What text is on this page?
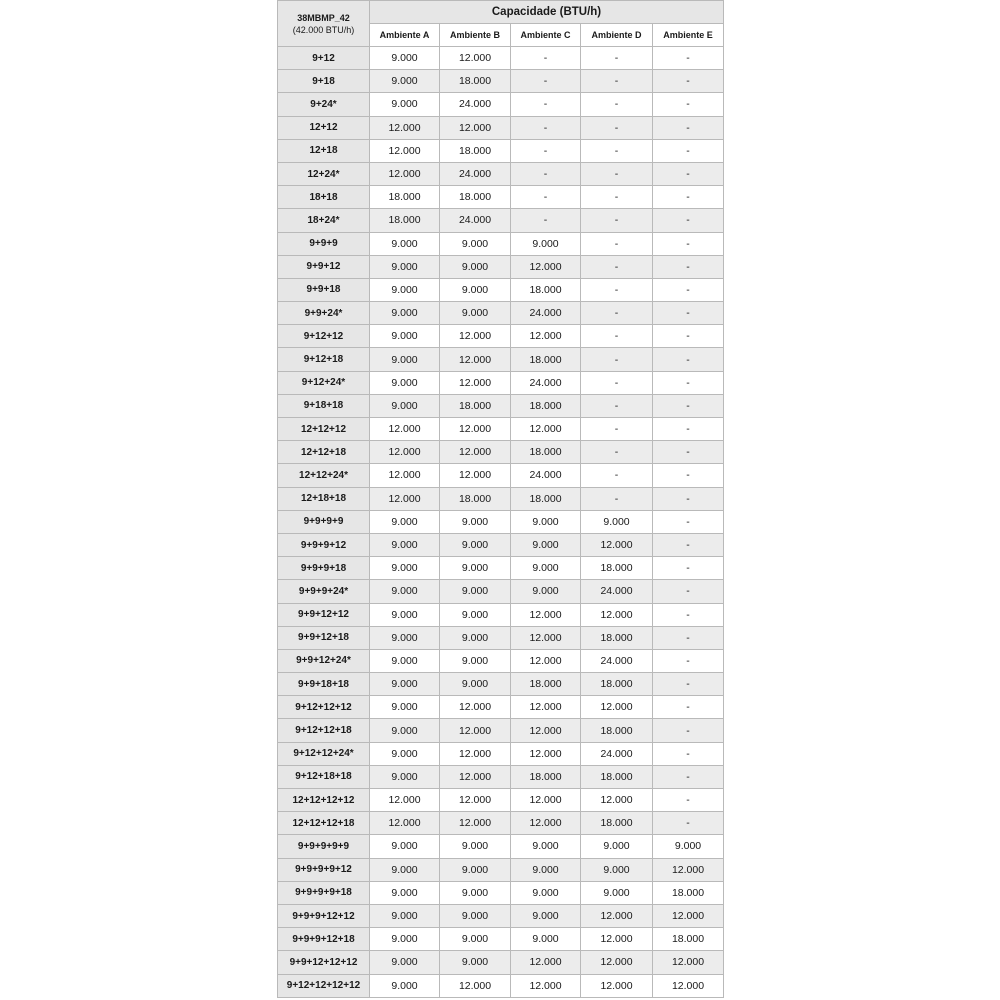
38MBMP_42
(42.000 BTU/h)	Capacidade (BTU/h)				
	Ambiente A	Ambiente B	Ambiente C	Ambiente D	Ambiente E
9+12	9.000	12.000	-	-	-
9+18	9.000	18.000	-	-	-
9+24*	9.000	24.000	-	-	-
12+12	12.000	12.000	-	-	-
12+18	12.000	18.000	-	-	-
12+24*	12.000	24.000	-	-	-
18+18	18.000	18.000	-	-	-
18+24*	18.000	24.000	-	-	-
9+9+9	9.000	9.000	9.000	-	-
9+9+12	9.000	9.000	12.000	-	-
9+9+18	9.000	9.000	18.000	-	-
9+9+24*	9.000	9.000	24.000	-	-
9+12+12	9.000	12.000	12.000	-	-
9+12+18	9.000	12.000	18.000	-	-
9+12+24*	9.000	12.000	24.000	-	-
9+18+18	9.000	18.000	18.000	-	-
12+12+12	12.000	12.000	12.000	-	-
12+12+18	12.000	12.000	18.000	-	-
12+12+24*	12.000	12.000	24.000	-	-
12+18+18	12.000	18.000	18.000	-	-
9+9+9+9	9.000	9.000	9.000	9.000	-
9+9+9+12	9.000	9.000	9.000	12.000	-
9+9+9+18	9.000	9.000	9.000	18.000	-
9+9+9+24*	9.000	9.000	9.000	24.000	-
9+9+12+12	9.000	9.000	12.000	12.000	-
9+9+12+18	9.000	9.000	12.000	18.000	-
9+9+12+24*	9.000	9.000	12.000	24.000	-
9+9+18+18	9.000	9.000	18.000	18.000	-
9+12+12+12	9.000	12.000	12.000	12.000	-
9+12+12+18	9.000	12.000	12.000	18.000	-
9+12+12+24*	9.000	12.000	12.000	24.000	-
9+12+18+18	9.000	12.000	18.000	18.000	-
12+12+12+12	12.000	12.000	12.000	12.000	-
12+12+12+18	12.000	12.000	12.000	18.000	-
9+9+9+9+9	9.000	9.000	9.000	9.000	9.000
9+9+9+9+12	9.000	9.000	9.000	9.000	12.000
9+9+9+9+18	9.000	9.000	9.000	9.000	18.000
9+9+9+12+12	9.000	9.000	9.000	12.000	12.000
9+9+9+12+18	9.000	9.000	9.000	12.000	18.000
9+9+12+12+12	9.000	9.000	12.000	12.000	12.000
9+12+12+12+12	9.000	12.000	12.000	12.000	12.000
